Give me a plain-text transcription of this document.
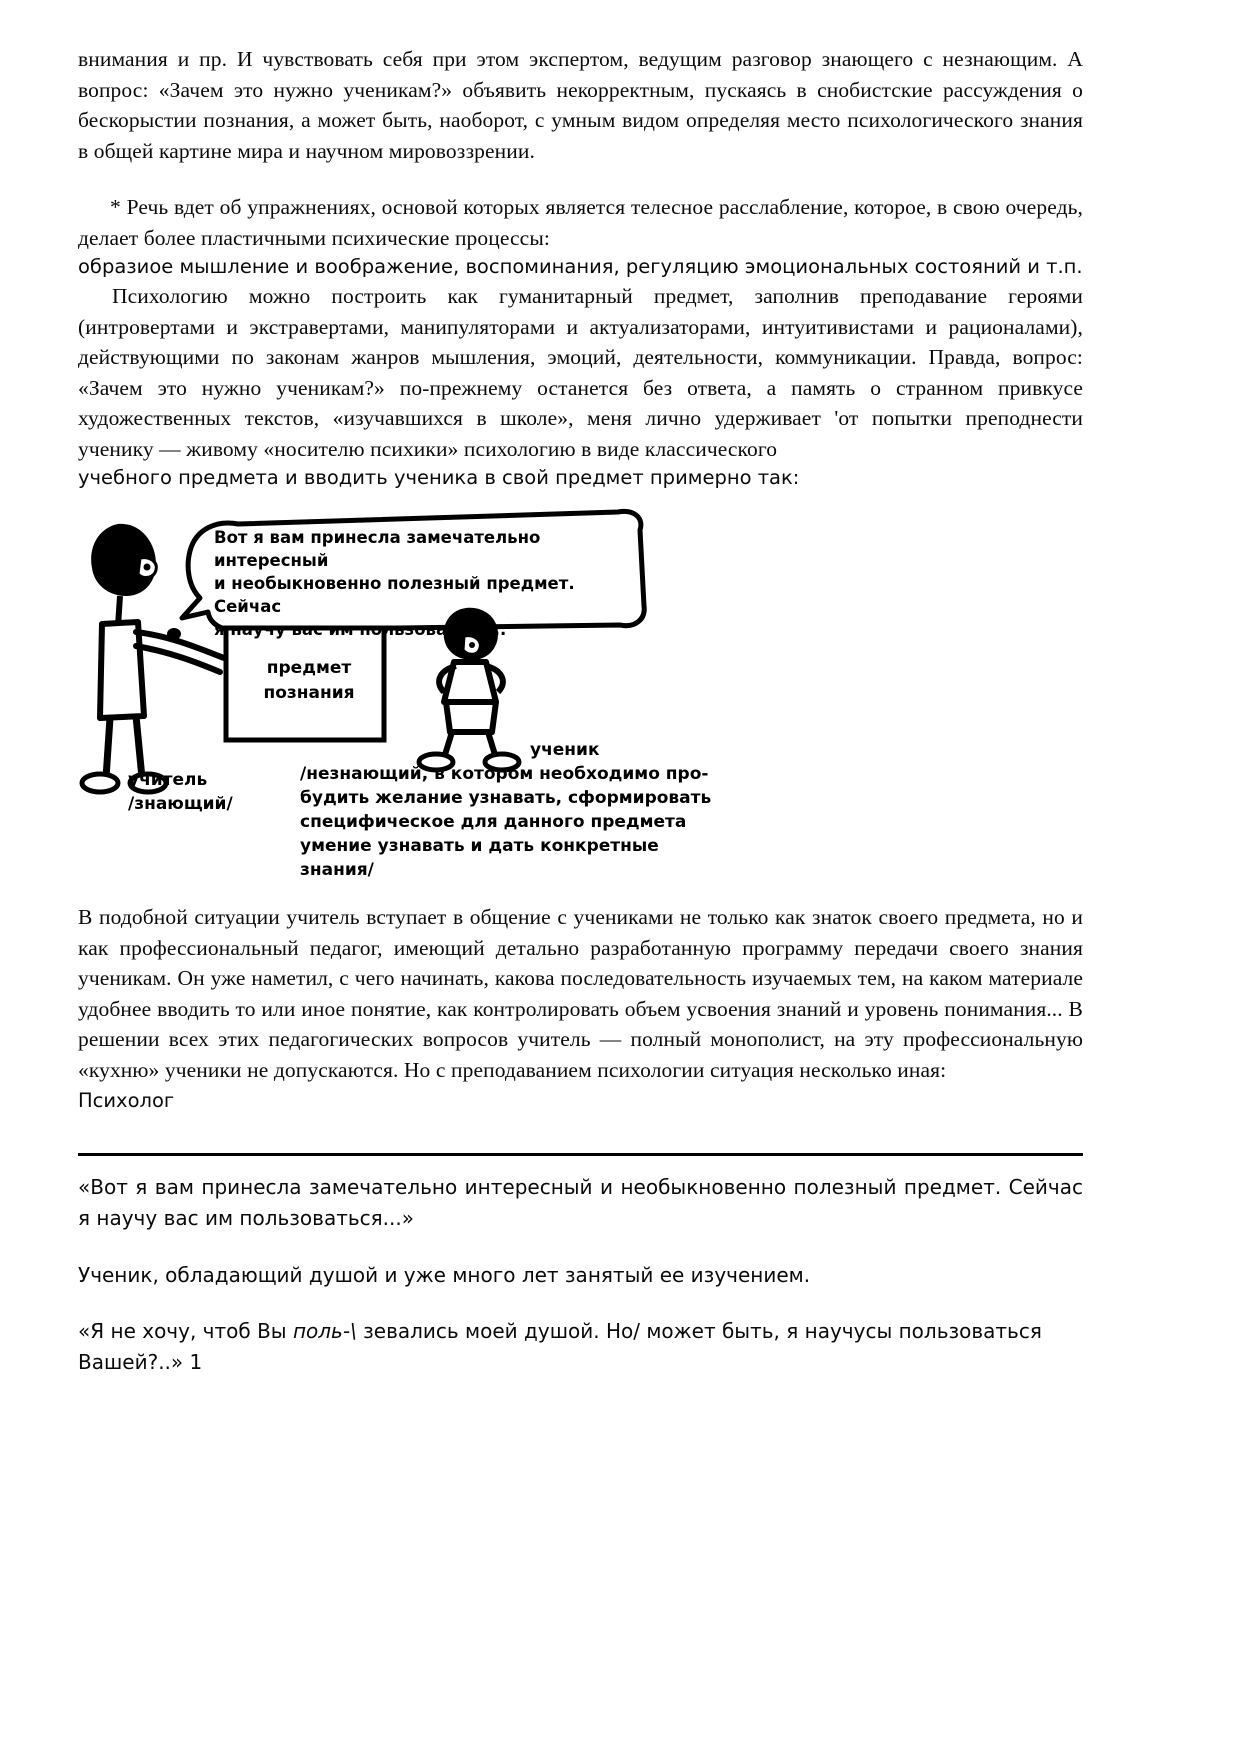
внимания и пр. И чувствовать себя при этом экспертом, ведущим разговор знающего с незнающим. А вопрос: «Зачем это нужно ученикам?» объявить некорректным, пускаясь в снобистские рассуждения о бескорыстии познания, а может быть, наоборот, с умным видом определяя место психологического знания в общей картине мира и научном мировоззрении.

* Речь вдет об упражнениях, основой которых является телесное расслабление, которое, в свою очередь, делает более пластичными психические процессы:

образиое мышление и воображение, воспоминания, регуляцию эмоциональных состояний и т.п.

Психологию можно построить как гуманитарный предмет, заполнив преподавание героями (интровертами и экстравертами, манипуляторами и актуализаторами, интуитивистами и рационалами), действующими по законам жанров мышления, эмоций, деятельности, коммуникации. Правда, вопрос: «Зачем это нужно ученикам?» по-прежнему останется без ответа, а память о странном привкусе художественных текстов, «изучавшихся в школе», меня лично удерживает 'от попытки преподнести ученику — живому «носителю психики» психологию в виде классического

учебного предмета и вводить ученика в свой предмет примерно так:

Вот я вам принесла замечательно интересный
и необыкновенно полезный предмет. Сейчас
я научу вас им пользоваться...
предмет
познания
ученик
/незнающий, в котором необходимо про-
будить желание узнавать, сформировать
специфическое для данного предмета
умение узнавать и дать конкретные
знания/
учитель
/знающий/

В подобной ситуации учитель вступает в общение с учениками не только как знаток своего предмета, но и как профессиональный педагог, имеющий детально разработанную программу передачи своего знания ученикам. Он уже наметил, с чего начинать, какова последовательность изучаемых тем, на каком материале удобнее вводить то или иное понятие, как контролировать объем усвоения знаний и уровень понимания... В решении всех этих педагогических вопросов учитель — полный монополист, на эту профессиональную «кухню» ученики не допускаются. Но с преподаванием психологии ситуация несколько иная:

Психолог

«Вот я вам принесла замечательно интересный и необыкновенно полезный предмет. Сейчас я научу вас им пользоваться...»

Ученик, обладающий душой и уже много лет занятый ее изучением.

«Я не хочу, чтоб Вы поль-\ зевались моей душой. Но/ может быть, я научусы пользоваться Вашей?..» 1
